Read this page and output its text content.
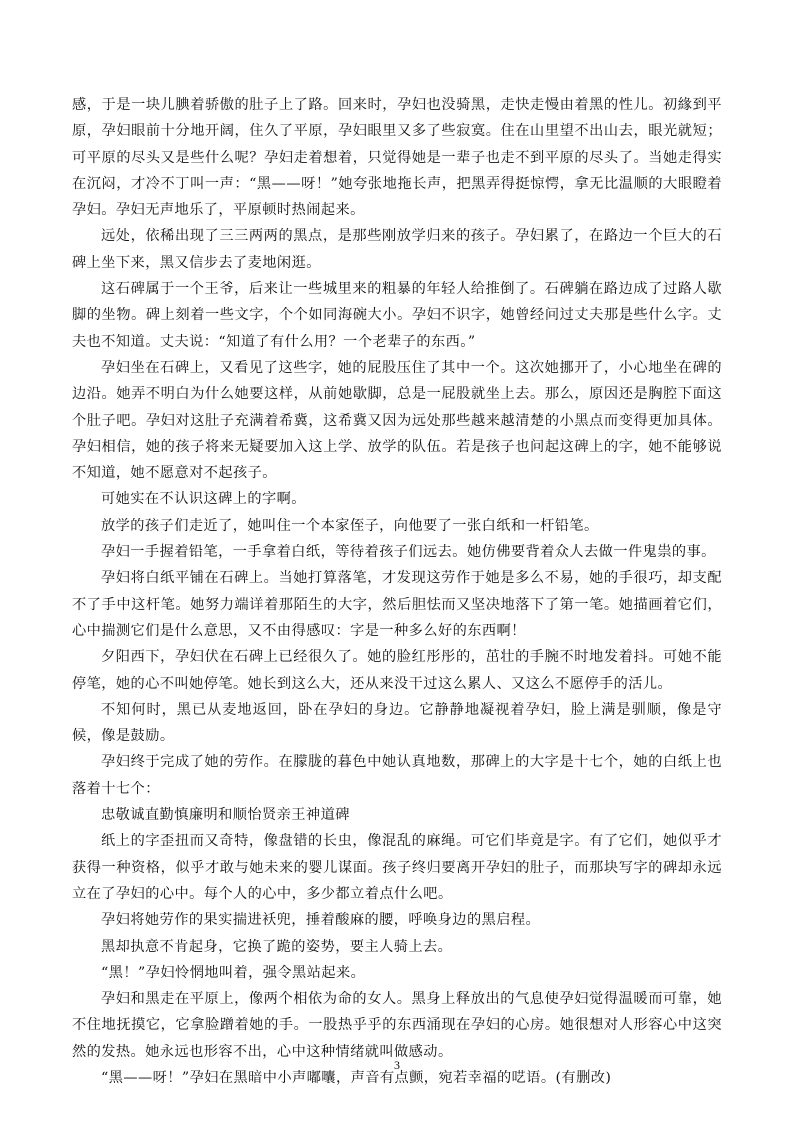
感，于是一块儿腆着骄傲的肚子上了路。回来时，孕妇也没骑黑，走快走慢由着黑的性儿。初緣到平原，孕妇眼前十分地开阔，住久了平原，孕妇眼里又多了些寂寞。住在山里望不出山去，眼光就短；可平原的尽头又是些什么呢？孕妇走着想着，只觉得她是一辈子也走不到平原的尽头了。当她走得实在沉闷，才冷不丁叫一声：“黑——呀！”她夸张地拖长声，把黑弄得挺惊愕，拿无比温顺的大眼瞪着孕妇。孕妇无声地乐了，平原顿时热闹起来。

远处，依稀出现了三三两两的黑点，是那些刚放学归来的孩子。孕妇累了，在路边一个巨大的石碑上坐下来，黑又信步去了麦地闲逛。

这石碑属于一个王爷，后来让一些城里来的粗暴的年轻人给推倒了。石碑躺在路边成了过路人歇脚的坐物。碑上刻着一些文字，个个如同海碗大小。孕妇不识字，她曾经问过丈夫那是些什么字。丈夫也不知道。丈夫说：“知道了有什么用？一个老辈子的东西。”

孕妇坐在石碑上，又看见了这些字，她的屁股压住了其中一个。这次她挪开了，小心地坐在碑的边沿。她弄不明白为什么她要这样，从前她歇脚，总是一屁股就坐上去。那么，原因还是胸腔下面这个肚子吧。孕妇对这肚子充满着希冀，这希冀又因为远处那些越来越清楚的小黑点而变得更加具体。孕妇相信，她的孩子将来无疑要加入这上学、放学的队伍。若是孩子也问起这碑上的字，她不能够说不知道，她不愿意对不起孩子。

可她实在不认识这碑上的字啊。

放学的孩子们走近了，她叫住一个本家侄子，向他要了一张白纸和一杆铅笔。

孕妇一手握着铅笔，一手拿着白纸，等待着孩子们远去。她仿佛要背着众人去做一件鬼祟的事。

孕妇将白纸平铺在石碑上。当她打算落笔，才发现这劳作于她是多么不易，她的手很巧，却支配不了手中这杆笔。她努力端详着那陌生的大字，然后胆怯而又坚决地落下了第一笔。她描画着它们，心中揣测它们是什么意思，又不由得感叹：字是一种多么好的东西啊！

夕阳西下，孕妇伏在石碑上已经很久了。她的脸红彤彤的，茁壮的手腕不时地发着抖。可她不能停笔，她的心不叫她停笔。她长到这么大，还从来没干过这么累人、又这么不愿停手的活儿。

不知何时，黑已从麦地返回，卧在孕妇的身边。它静静地凝视着孕妇，脸上满是驯顺，像是守候，像是鼓励。

孕妇终于完成了她的劳作。在朦胧的暮色中她认真地数，那碑上的大字是十七个，她的白纸上也落着十七个：

忠敬诚直勤慎廉明和顺怡贤亲王神道碑

纸上的字歪扭而又奇特，像盘错的长虫，像混乱的麻绳。可它们毕竟是字。有了它们，她似乎才获得一种资格，似乎才敢与她未来的婴儿谋面。孩子终归要离开孕妇的肚子，而那块写字的碑却永远立在了孕妇的心中。每个人的心中，多少都立着点什么吧。

孕妇将她劳作的果实揣进袄兜，捶着酸麻的腰，呼唤身边的黑启程。

黑却执意不肯起身，它换了跪的姿势，要主人骑上去。

“黑！”孕妇怜惘地叫着，强令黑站起来。

孕妇和黑走在平原上，像两个相依为命的女人。黑身上释放出的气息使孕妇觉得温暖而可靠，她不住地抚摸它，它拿脸蹭着她的手。一股热乎乎的东西涌现在孕妇的心房。她很想对人形容心中这突然的发热。她永远也形容不出，心中这种情绪就叫做感动。

“黑——呀！”孕妇在黑暗中小声嘟囔，声音有点颤，宛若幸福的呓语。(有删改)

3
